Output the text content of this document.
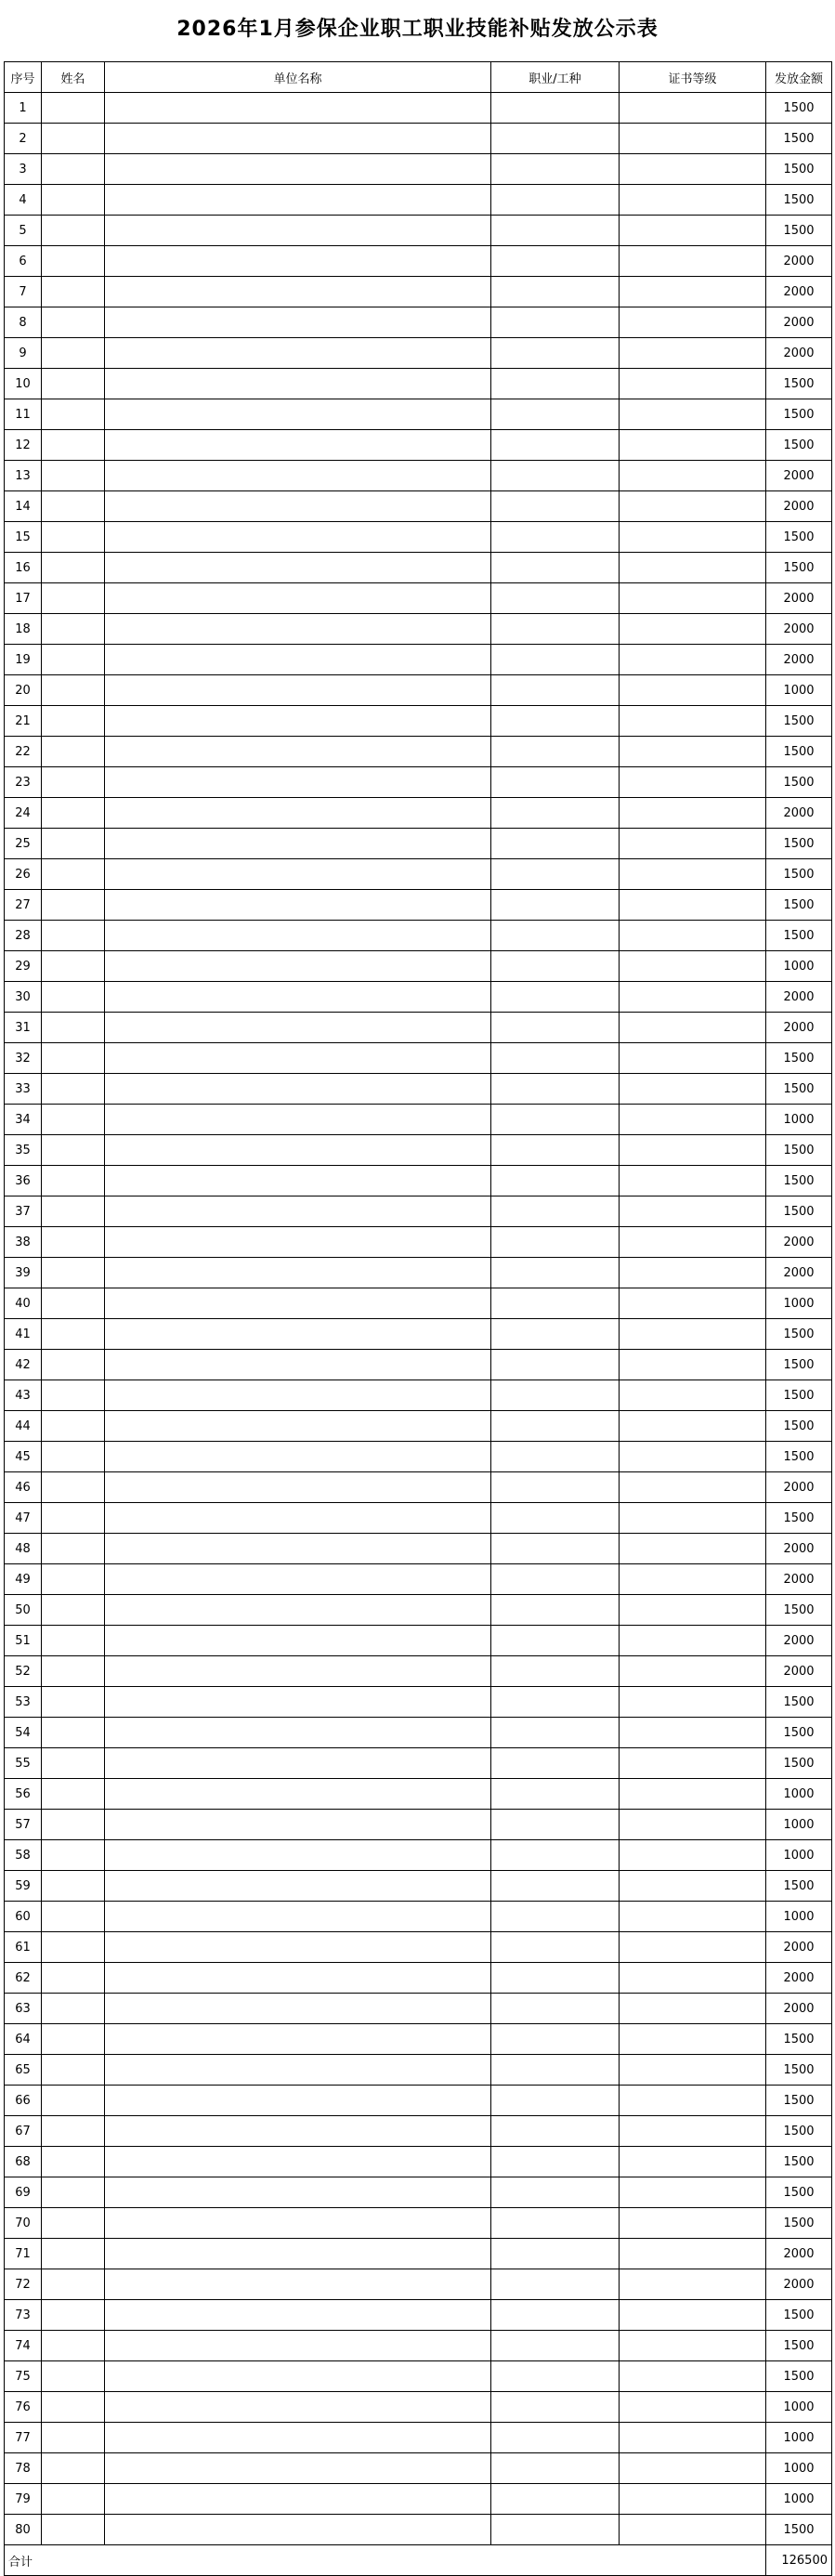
2026年1月参保企业职工职业技能补贴发放公示表
序号	姓名	单位名称	职业/工种	证书等级	发放金额
1					1500
2					1500
3					1500
4					1500
5					1500
6					2000
7					2000
8					2000
9					2000
10					1500
11					1500
12					1500
13					2000
14					2000
15					1500
16					1500
17					2000
18					2000
19					2000
20					1000
21					1500
22					1500
23					1500
24					2000
25					1500
26					1500
27					1500
28					1500
29					1000
30					2000
31					2000
32					1500
33					1500
34					1000
35					1500
36					1500
37					1500
38					2000
39					2000
40					1000
41					1500
42					1500
43					1500
44					1500
45					1500
46					2000
47					1500
48					2000
49					2000
50					1500
51					2000
52					2000
53					1500
54					1500
55					1500
56					1000
57					1000
58					1000
59					1500
60					1000
61					2000
62					2000
63					2000
64					1500
65					1500
66					1500
67					1500
68					1500
69					1500
70					1500
71					2000
72					2000
73					1500
74					1500
75					1500
76					1000
77					1000
78					1000
79					1000
80					1500
合计					126500
